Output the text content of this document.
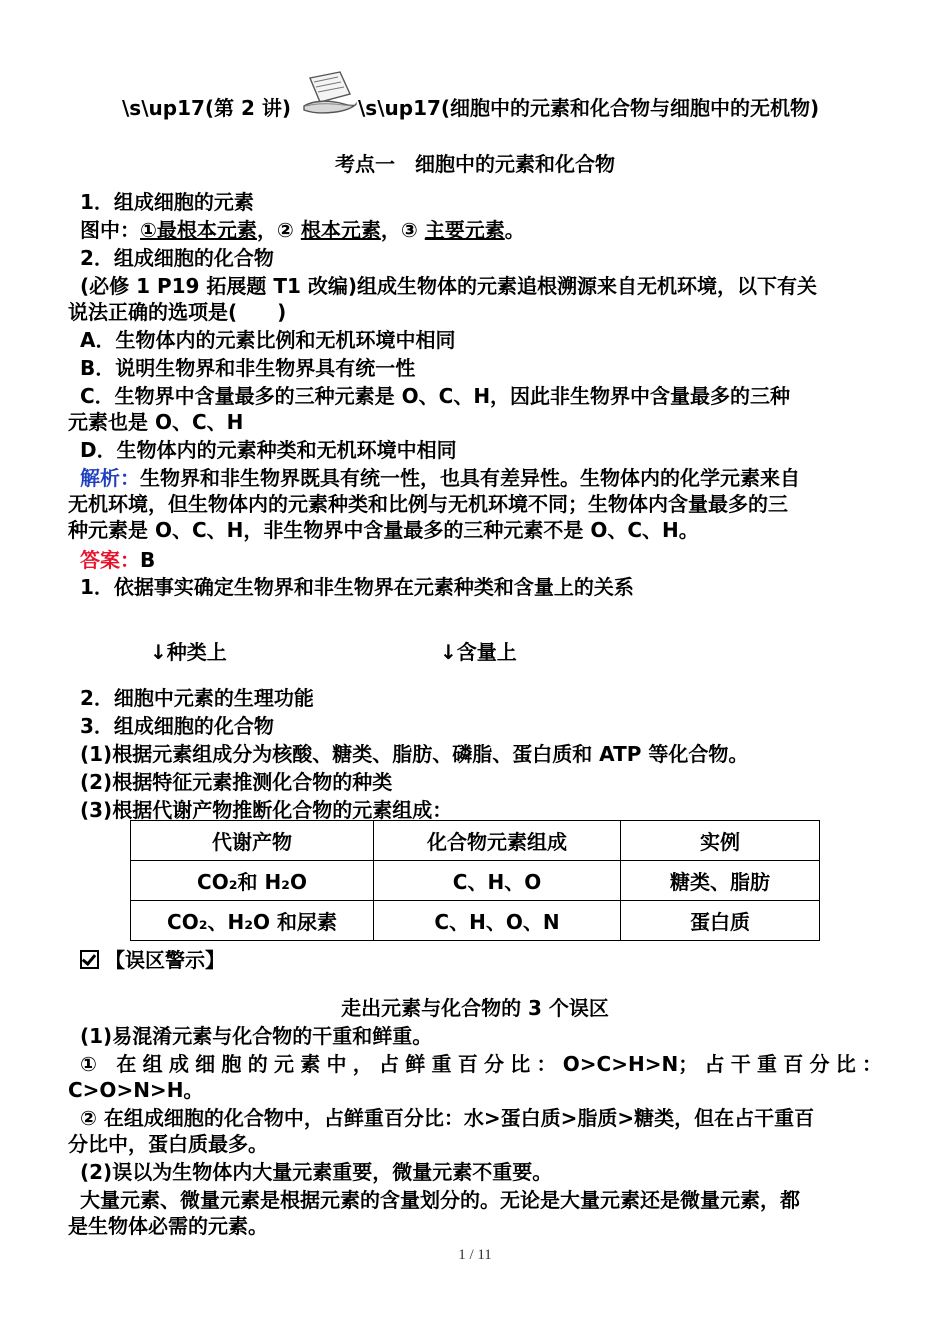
\s\up17(第 2 讲)	\s\up17(细胞中的元素和化合物与细胞中的无机物)
考点一　细胞中的元素和化合物
1．组成细胞的元素
图中：①最根本元素，② 根本元素，③ 主要元素。
2．组成细胞的化合物
(必修 1 P19 拓展题 T1 改编)组成生物体的元素追根溯源来自无机环境，以下有关
说法正确的选项是(　　)
A．生物体内的元素比例和无机环境中相同
B．说明生物界和非生物界具有统一性
C．生物界中含量最多的三种元素是 O、C、H，因此非生物界中含量最多的三种
元素也是 O、C、H
D．生物体内的元素种类和无机环境中相同
解析：生物界和非生物界既具有统一性，也具有差异性。生物体内的化学元素来自
无机环境，但生物体内的元素种类和比例与无机环境不同；生物体内含量最多的三
种元素是 O、C、H，非生物界中含量最多的三种元素不是 O、C、H。
答案：B
1．依据事实确定生物界和非生物界在元素种类和含量上的关系
↓种类上	↓含量上
2．细胞中元素的生理功能
3．组成细胞的化合物
(1)根据元素组成分为核酸、糖类、脂肪、磷脂、蛋白质和 ATP 等化合物。
(2)根据特征元素推测化合物的种类
(3)根据代谢产物推断化合物的元素组成：
代谢产物	化合物元素组成	实例
CO₂和 H₂O	C、H、O	糖类、脂肪
CO₂、H₂O 和尿素	C、H、O、N	蛋白质
【误区警示】
走出元素与化合物的 3 个误区
(1)易混淆元素与化合物的干重和鲜重。
① 在组成细胞的元素中，占鲜重百分比：O>C>H>N；占干重百分比：
C>O>N>H。
② 在组成细胞的化合物中，占鲜重百分比：水>蛋白质>脂质>糖类，但在占干重百
分比中，蛋白质最多。
(2)误以为生物体内大量元素重要，微量元素不重要。
大量元素、微量元素是根据元素的含量划分的。无论是大量元素还是微量元素，都
是生物体必需的元素。
1 / 11
